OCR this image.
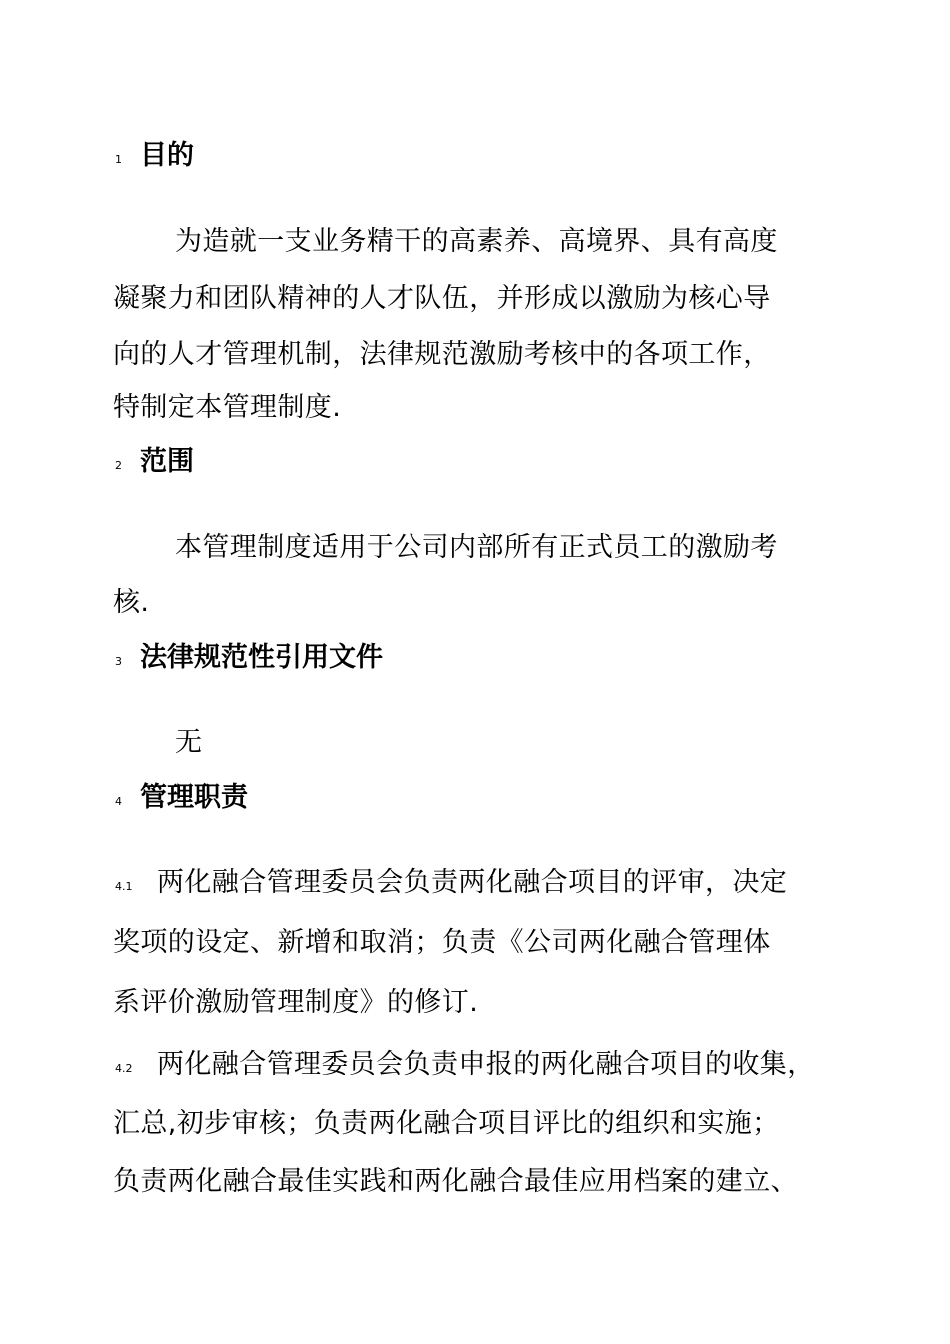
1 目的
为造就一支业务精干的高素养、高境界、具有高度
凝聚力和团队精神的人才队伍，并形成以激励为核心导
向的人才管理机制，法律规范激励考核中的各项工作，
特制定本管理制度.
2 范围
本管理制度适用于公司内部所有正式员工的激励考
核.
3 法律规范性引用文件
无
4 管理职责
4.1 两化融合管理委员会负责两化融合项目的评审，决定
奖项的设定、新增和取消；负责《公司两化融合管理体
系评价激励管理制度》的修订.
4.2 两化融合管理委员会负责申报的两化融合项目的收集，
汇总,初步审核；负责两化融合项目评比的组织和实施；
负责两化融合最佳实践和两化融合最佳应用档案的建立、
